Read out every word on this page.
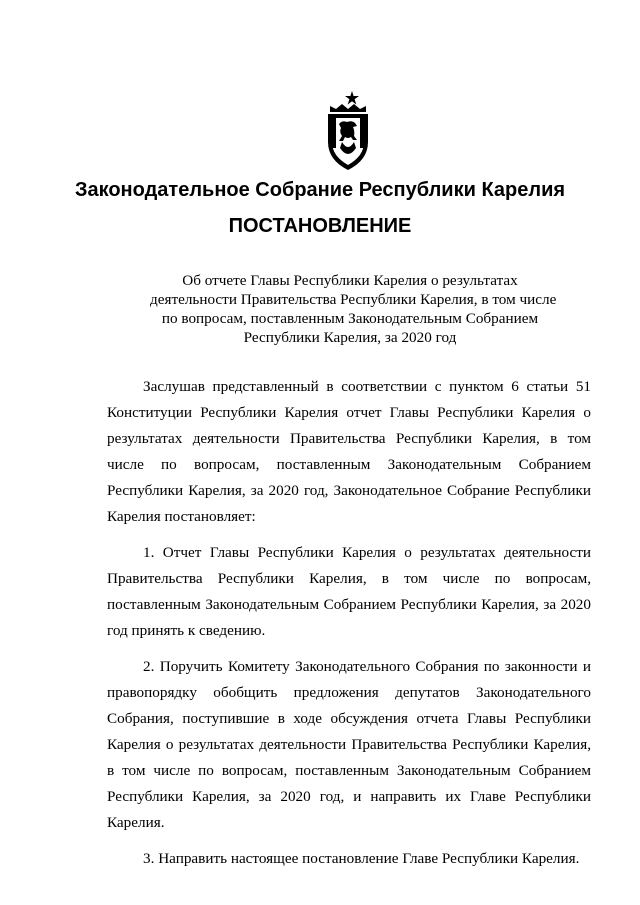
Законодательное Собрание Республики Карелия
ПОСТАНОВЛЕНИЕ
Об отчете Главы Республики Карелия о результатах
деятельности Правительства Республики Карелия, в том числе
по вопросам, поставленным Законодательным Собранием
Республики Карелия, за 2020 год

Заслушав представленный в соответствии с пунктом 6 статьи 51 Конституции Республики Карелия отчет Главы Республики Карелия о результатах деятельности Правительства Республики Карелия, в том числе по вопросам, поставленным Законодательным Собранием Республики Карелия, за 2020 год, Законодательное Собрание Республики Карелия постановляет:

1. Отчет Главы Республики Карелия о результатах деятельности Правительства Республики Карелия, в том числе по вопросам, поставленным Законодательным Собранием Республики Карелия, за 2020 год принять к сведению.

2. Поручить Комитету Законодательного Собрания по законности и правопорядку обобщить предложения депутатов Законодательного Собрания, поступившие в ходе обсуждения отчета Главы Республики Карелия о результатах деятельности Правительства Республики Карелия, в том числе по вопросам, поставленным Законодательным Собранием Республики Карелия, за 2020 год, и направить их Главе Республики Карелия.

3. Направить настоящее постановление Главе Республики Карелия.
